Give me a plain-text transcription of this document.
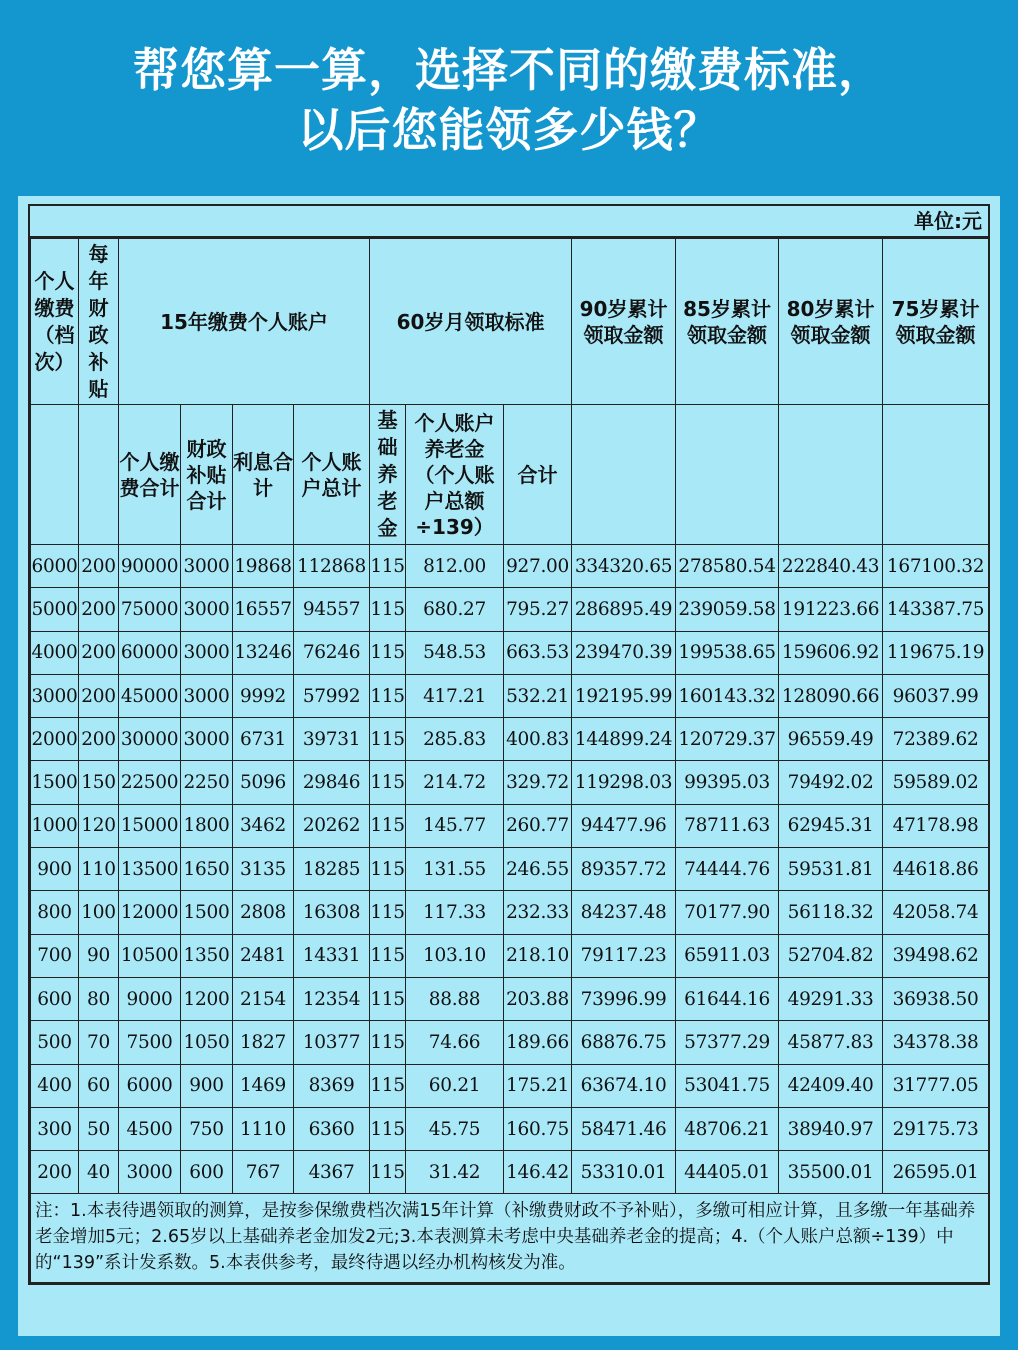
帮您算一算，选择不同的缴费标准，
以后您能领多少钱？
单位:元
个人缴费（档次）	每年财政补贴	15年缴费个人账户				60岁月领取标准			90岁累计领取金额	85岁累计领取金额	80岁累计领取金额	75岁累计领取金额
		个人缴费合计	财政补贴合计	利息合计	个人账户总计	基础养老金	个人账户养老金（个人账户总额÷139）	合计				
6000	200	90000	3000	19868	112868	115	812.00	927.00	334320.65	278580.54	222840.43	167100.32
5000	200	75000	3000	16557	94557	115	680.27	795.27	286895.49	239059.58	191223.66	143387.75
4000	200	60000	3000	13246	76246	115	548.53	663.53	239470.39	199538.65	159606.92	119675.19
3000	200	45000	3000	9992	57992	115	417.21	532.21	192195.99	160143.32	128090.66	96037.99
2000	200	30000	3000	6731	39731	115	285.83	400.83	144899.24	120729.37	96559.49	72389.62
1500	150	22500	2250	5096	29846	115	214.72	329.72	119298.03	99395.03	79492.02	59589.02
1000	120	15000	1800	3462	20262	115	145.77	260.77	94477.96	78711.63	62945.31	47178.98
900	110	13500	1650	3135	18285	115	131.55	246.55	89357.72	74444.76	59531.81	44618.86
800	100	12000	1500	2808	16308	115	117.33	232.33	84237.48	70177.90	56118.32	42058.74
700	90	10500	1350	2481	14331	115	103.10	218.10	79117.23	65911.03	52704.82	39498.62
600	80	9000	1200	2154	12354	115	88.88	203.88	73996.99	61644.16	49291.33	36938.50
500	70	7500	1050	1827	10377	115	74.66	189.66	68876.75	57377.29	45877.83	34378.38
400	60	6000	900	1469	8369	115	60.21	175.21	63674.10	53041.75	42409.40	31777.05
300	50	4500	750	1110	6360	115	45.75	160.75	58471.46	48706.21	38940.97	29175.73
200	40	3000	600	767	4367	115	31.42	146.42	53310.01	44405.01	35500.01	26595.01
注：1.本表待遇领取的测算，是按参保缴费档次满15年计算（补缴费财政不予补贴），多缴可相应计算，且多缴一年基础养老金增加5元；2.65岁以上基础养老金加发2元;3.本表测算未考虑中央基础养老金的提高；4.（个人账户总额÷139）中的“139”系计发系数。5.本表供参考，最终待遇以经办机构核发为准。												
